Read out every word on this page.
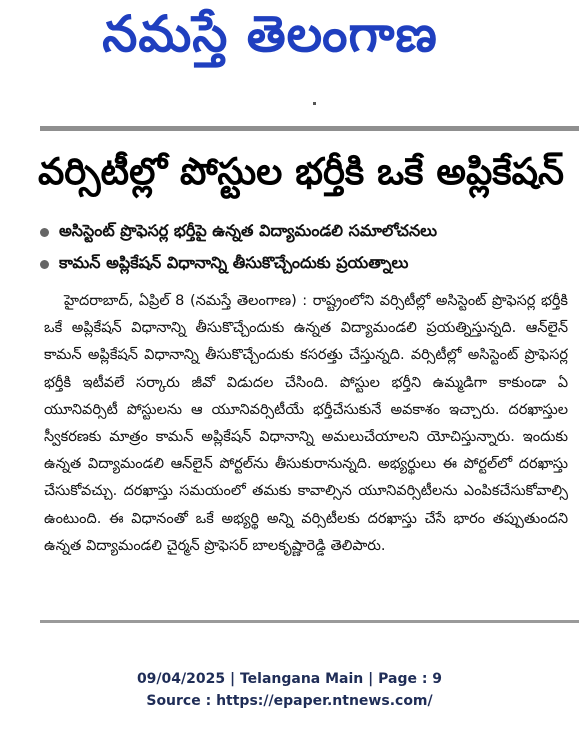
నమస్తే తెలంగాణ
వర్సిటీల్లో పోస్టుల భర్తీకి ఒకే అప్లికేషన్
అసిస్టెంట్ ప్రొఫెసర్ల భర్తీపై ఉన్నత విద్యామండలి సమాలోచనలు
కామన్ అప్లికేషన్ విధానాన్ని తీసుకొచ్చేందుకు ప్రయత్నాలు

హైదరాబాద్, ఏప్రిల్ 8 (నమస్తే తెలంగాణ) : రాష్ట్రంలోని వర్సిటీల్లో అసిస్టెంట్ ప్రొఫెసర్ల భర్తీకి ఒకే అప్లికేషన్ విధానాన్ని తీసుకొచ్చేందుకు ఉన్నత విద్యామండలి ప్రయత్నిస్తున్నది. ఆన్‌లైన్ కామన్ అప్లికేషన్ విధానాన్ని తీసుకొచ్చేందుకు కసరత్తు చేస్తున్నది. వర్సిటీల్లో అసిస్టెంట్ ప్రొఫెసర్ల భర్తీకి ఇటీవలే సర్కారు జీవో విడుదల చేసింది. పోస్టుల భర్తీని ఉమ్మడిగా కాకుండా ఏ యూనివర్సిటీ పోస్టులను ఆ యూనివర్సిటీయే భర్తీచేసుకునే అవకాశం ఇచ్చారు. దరఖాస్తుల స్వీకరణకు మాత్రం కామన్ అప్లికేషన్ విధానాన్ని అమలుచేయాలని యోచిస్తున్నారు. ఇందుకు ఉన్నత విద్యామండలి ఆన్‌లైన్ పోర్టల్‌ను తీసుకురానున్నది. అభ్యర్థులు ఈ పోర్టల్‌లో దరఖాస్తు చేసుకోవచ్చు. దరఖాస్తు సమయంలో తమకు కావాల్సిన యూనివర్సిటీలను ఎంపికచేసుకోవాల్సి ఉంటుంది. ఈ విధానంతో ఒకే అభ్యర్థి అన్ని వర్సిటీలకు దరఖాస్తు చేసే భారం తప్పుతుందని ఉన్నత విద్యామండలి చైర్మన్ ప్రొఫెసర్ బాలకృష్ణారెడ్డి తెలిపారు.

09/04/2025 | Telangana Main | Page : 9
Source : https://epaper.ntnews.com/
